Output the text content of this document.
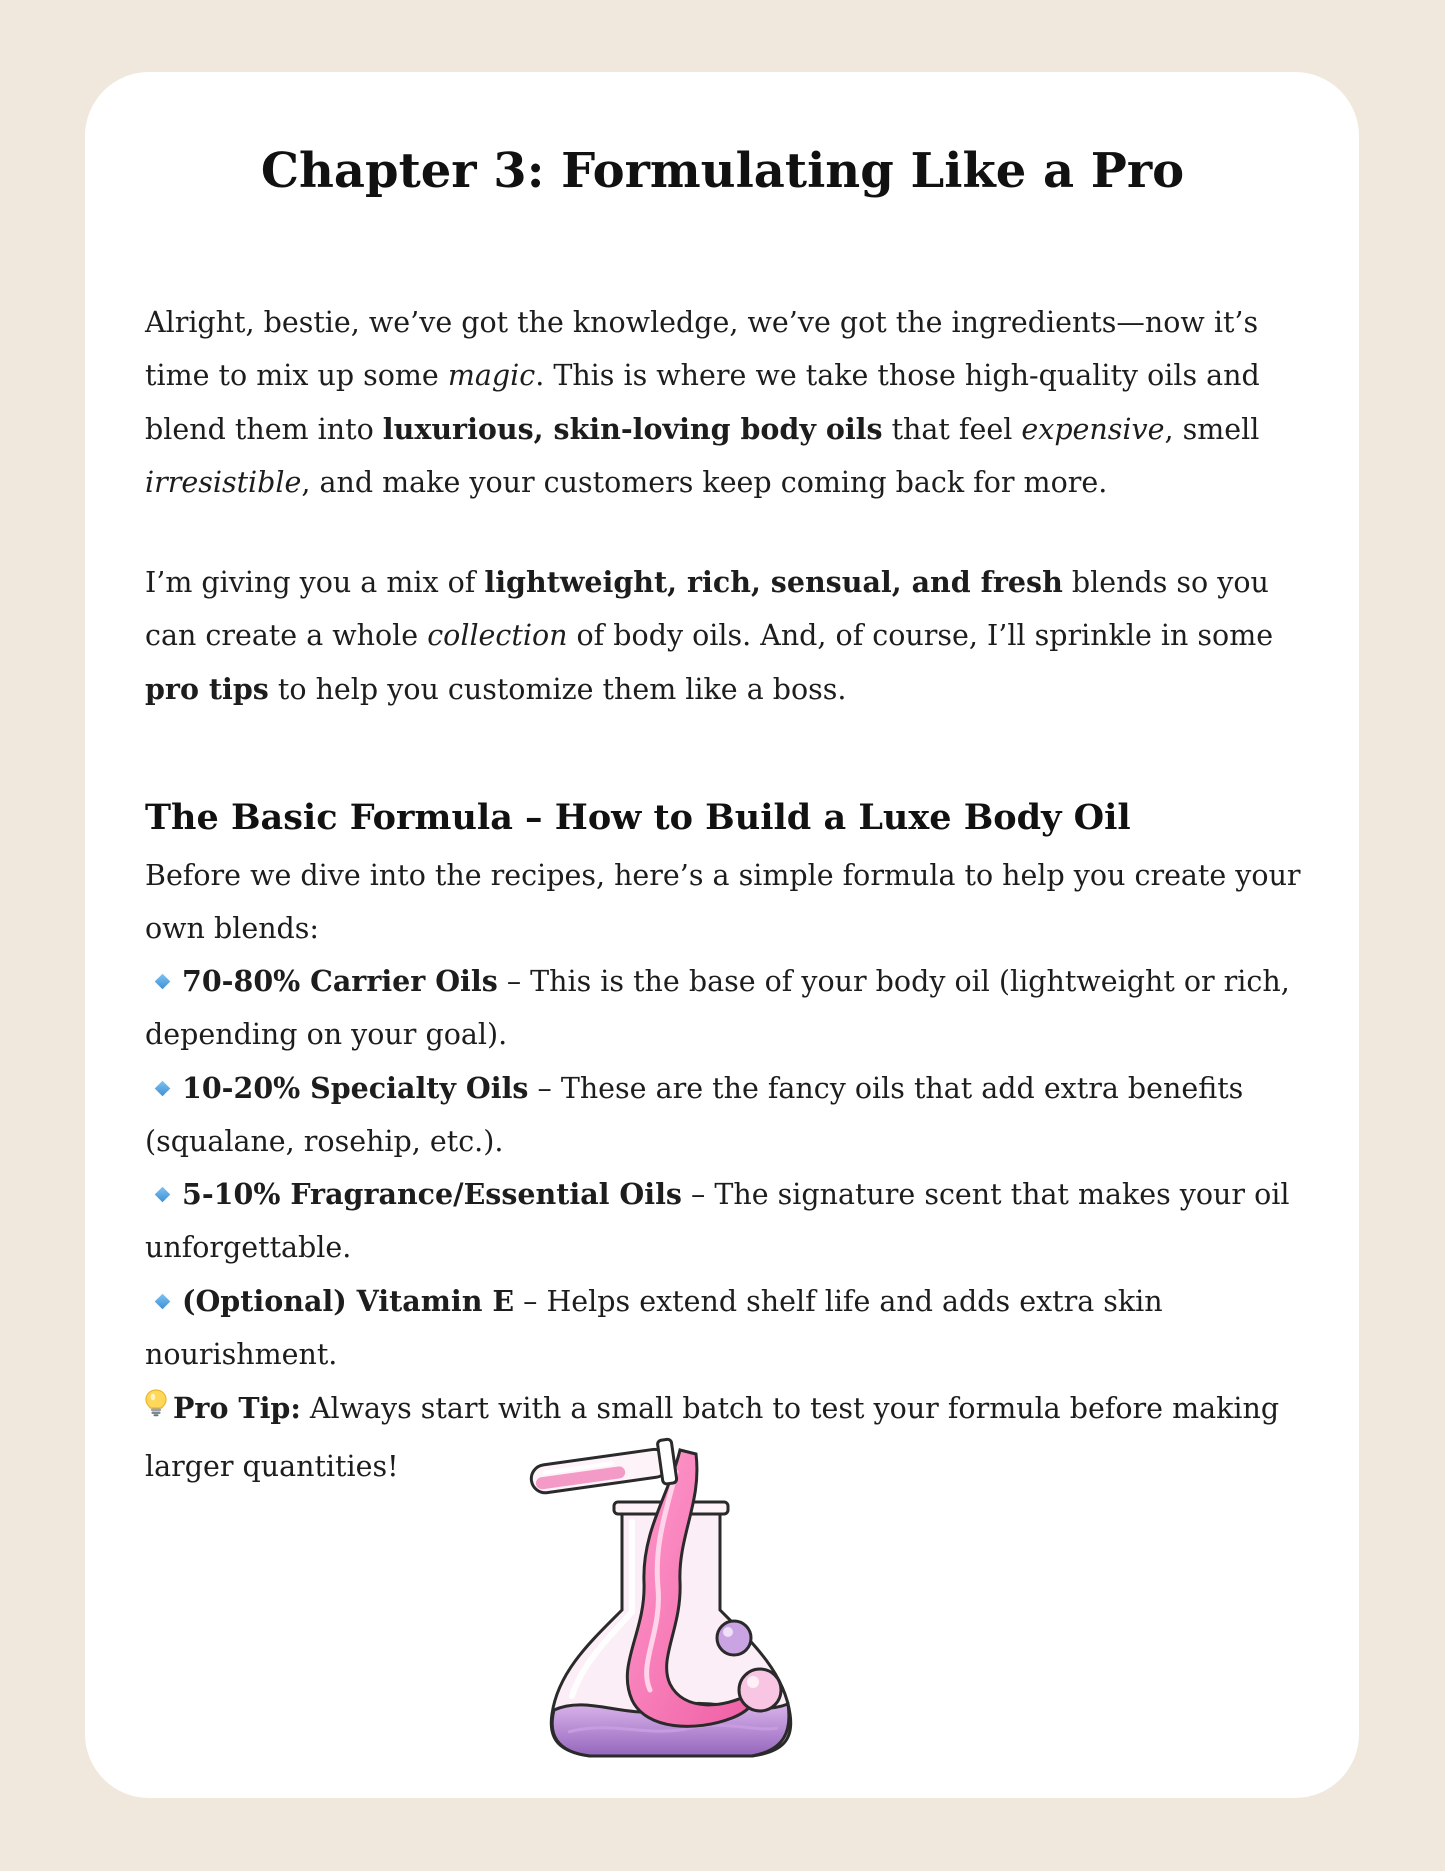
Chapter 3: Formulating Like a Pro

Alright, bestie, we’ve got the knowledge, we’ve got the ingredients—now it’s time to mix up some magic. This is where we take those high-quality oils and blend them into luxurious, skin-loving body oils that feel expensive, smell irresistible, and make your customers keep coming back for more.

I’m giving you a mix of lightweight, rich, sensual, and fresh blends so you can create a whole collection of body oils. And, of course, I’ll sprinkle in some pro tips to help you customize them like a boss.

The Basic Formula – How to Build a Luxe Body Oil

Before we dive into the recipes, here’s a simple formula to help you create your own blends:

70-80% Carrier Oils – This is the base of your body oil (lightweight or rich, depending on your goal).

10-20% Specialty Oils – These are the fancy oils that add extra benefits (squalane, rosehip, etc.).

5-10% Fragrance/Essential Oils – The signature scent that makes your oil unforgettable.

(Optional) Vitamin E – Helps extend shelf life and adds extra skin nourishment.

Pro Tip: Always start with a small batch to test your formula before making larger quantities!
